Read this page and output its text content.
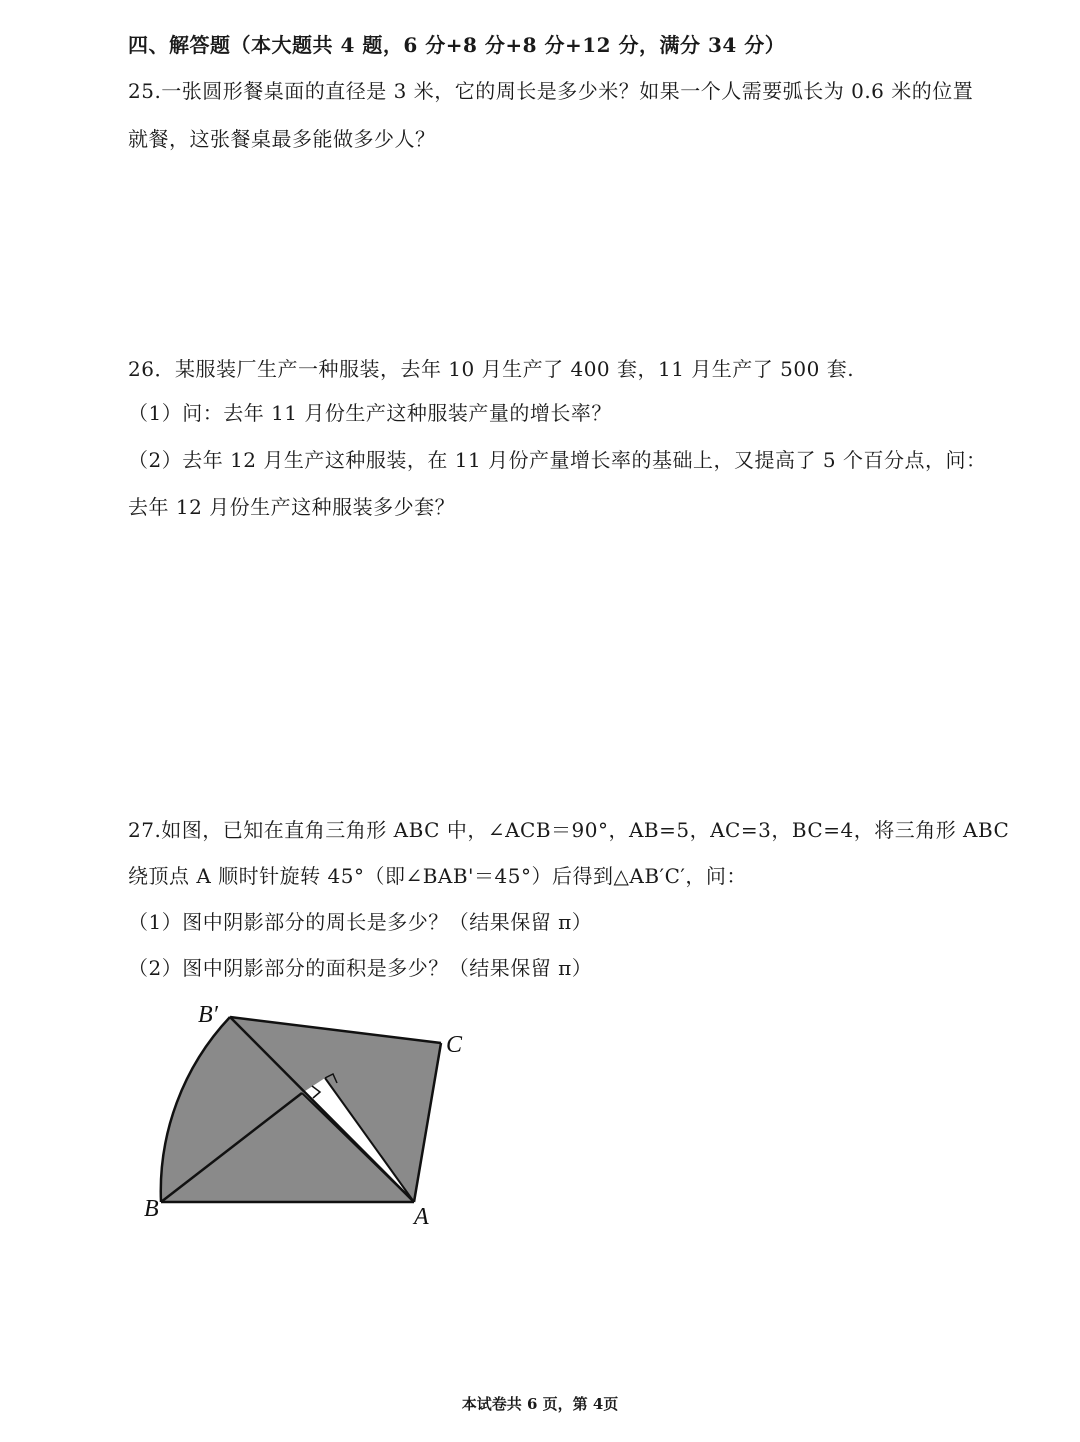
四、解答题（本大题共 4 题，6 分+8 分+8 分+12 分，满分 34 分）
25.一张圆形餐桌面的直径是 3 米，它的周长是多少米？如果一个人需要弧长为 0.6 米的位置
就餐，这张餐桌最多能做多少人？
26．某服装厂生产一种服装，去年 10 月生产了 400 套，11 月生产了 500 套.
（1）问：去年 11 月份生产这种服装产量的增长率？
（2）去年 12 月生产这种服装，在 11 月份产量增长率的基础上，又提高了 5 个百分点，问：
去年 12 月份生产这种服装多少套？
27.如图，已知在直角三角形 ABC 中，∠ACB＝90°，AB=5，AC=3，BC=4，将三角形 ABC
绕顶点 A 顺时针旋转 45°（即∠BAB'＝45°）后得到△AB′C′，问：
（1）图中阴影部分的周长是多少？（结果保留 π）
（2）图中阴影部分的面积是多少？（结果保留 π）
B′
C
B	A
本试卷共 6 页，第 4页
